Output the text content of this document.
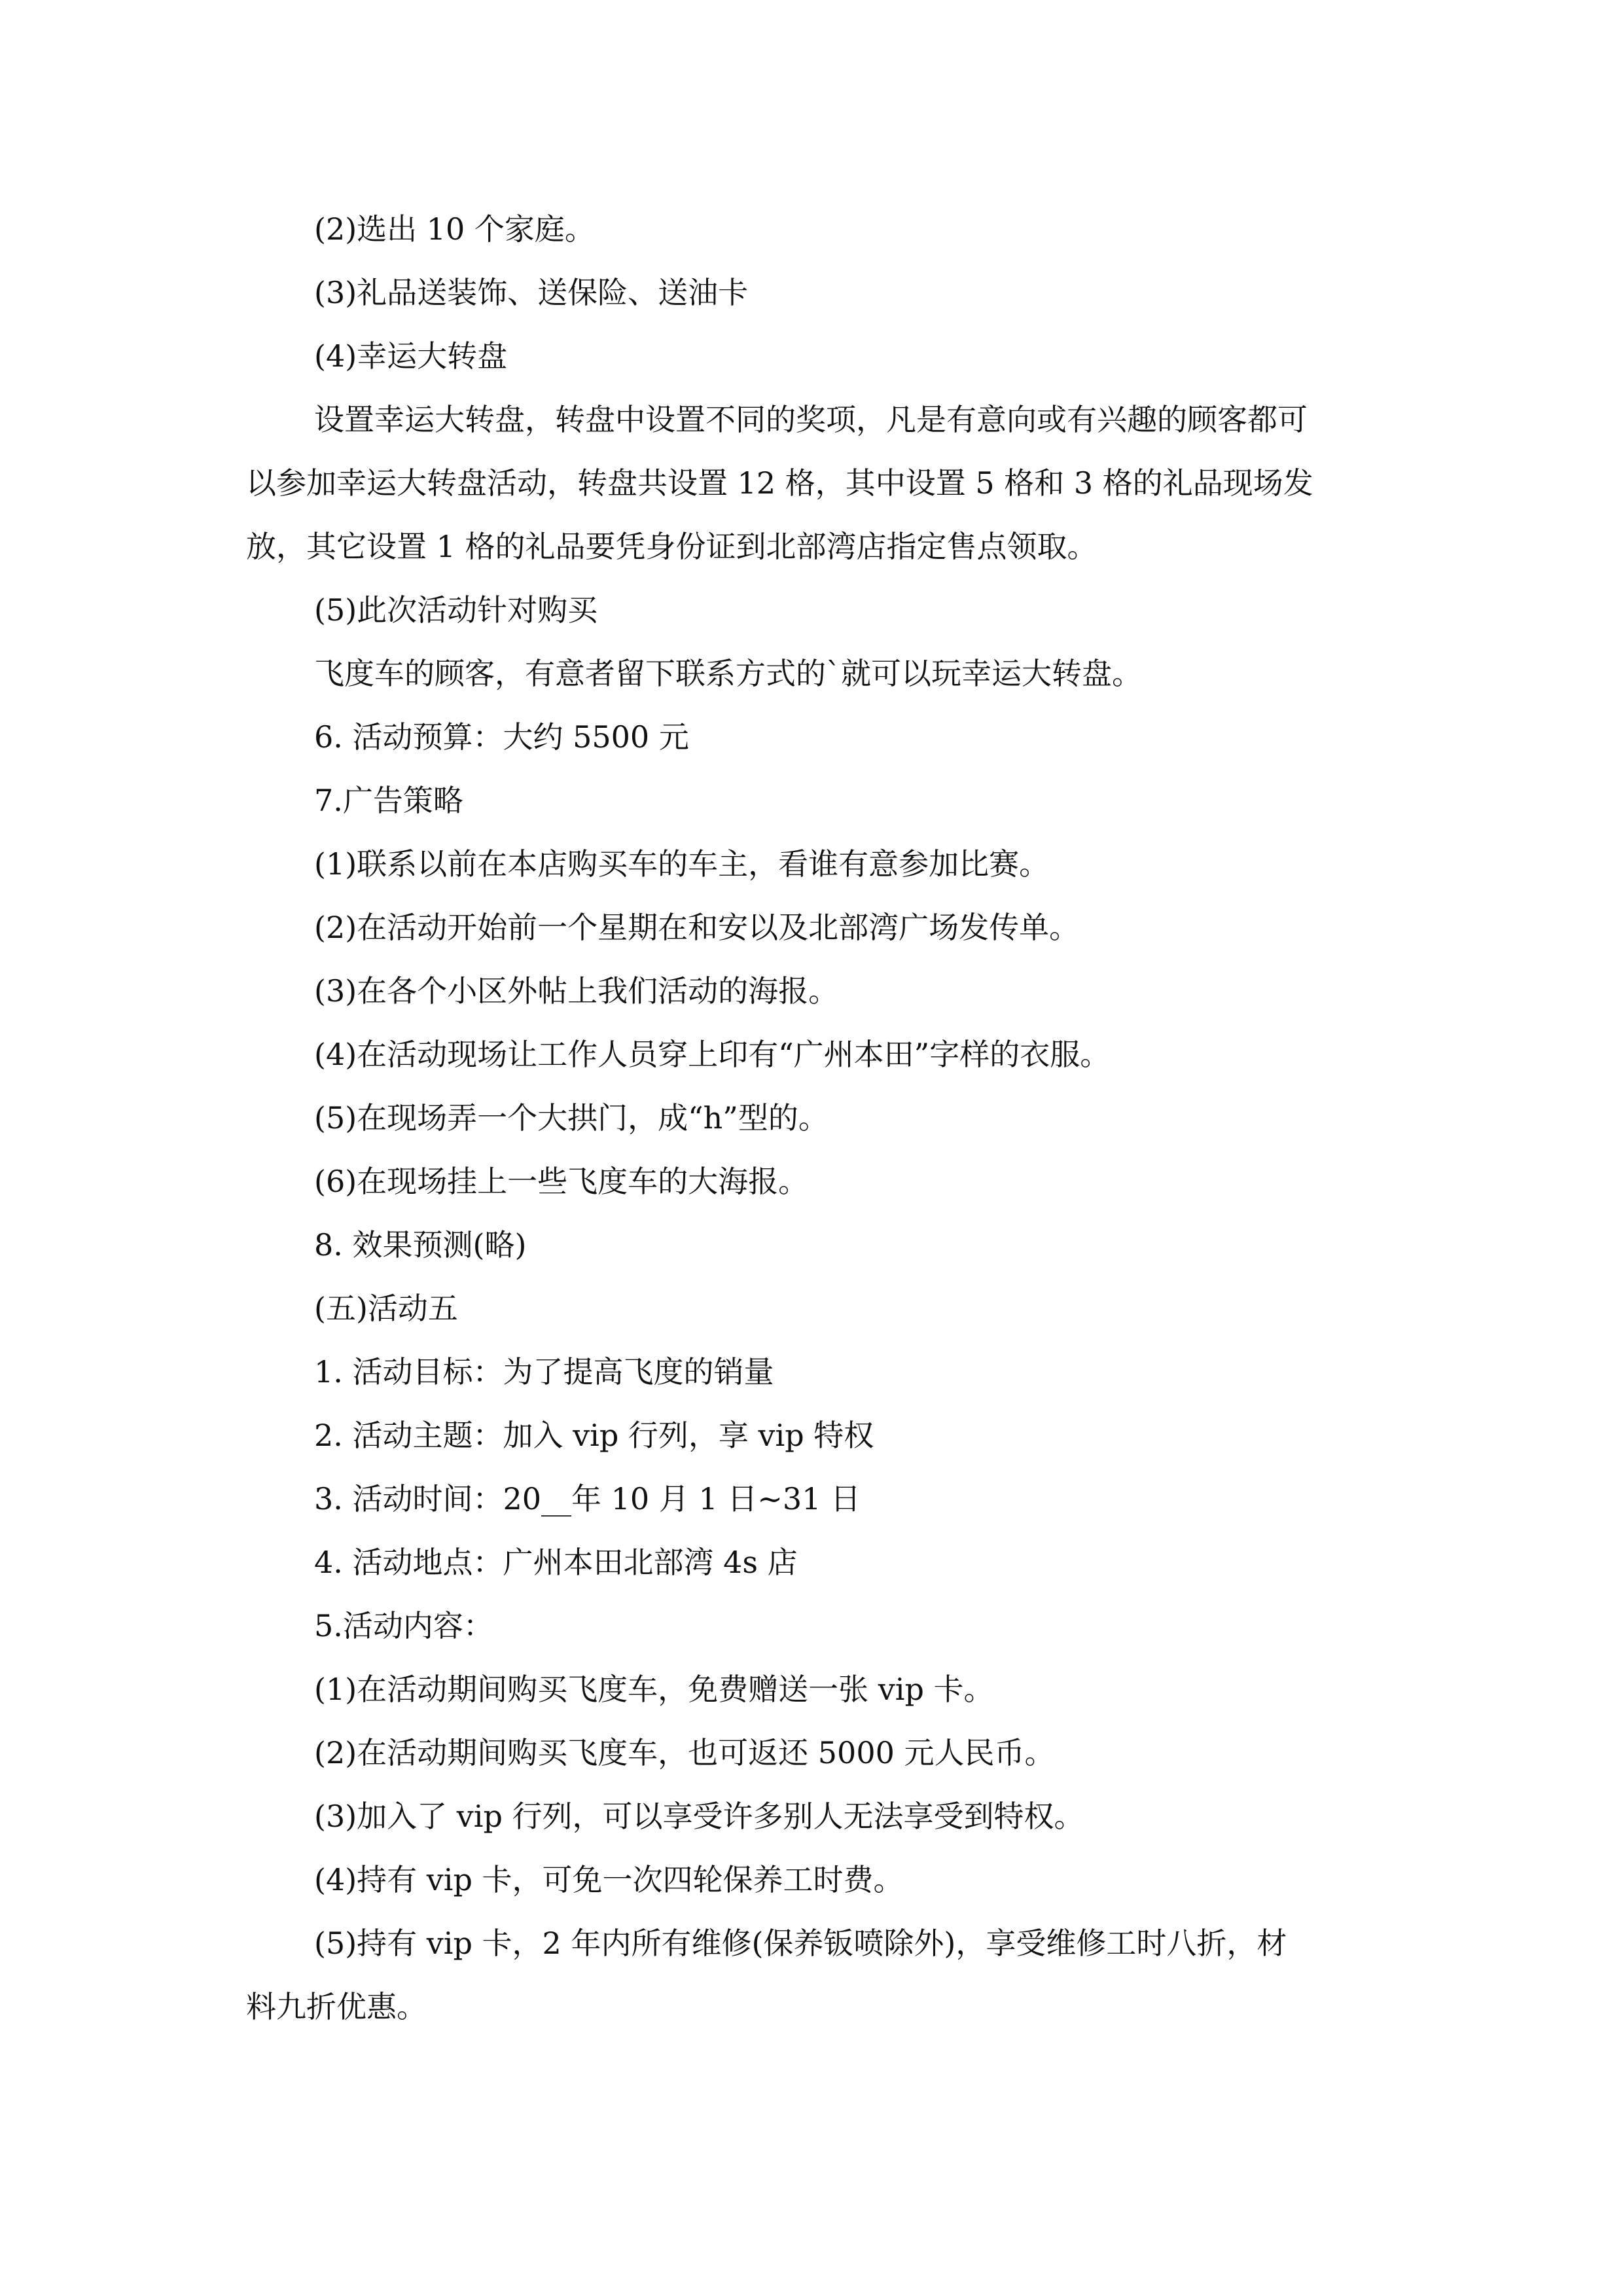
(2)选出 10 个家庭。
(3)礼品送装饰、送保险、送油卡
(4)幸运大转盘
设置幸运大转盘，转盘中设置不同的奖项，凡是有意向或有兴趣的顾客都可
以参加幸运大转盘活动，转盘共设置 12 格，其中设置 5 格和 3 格的礼品现场发
放，其它设置 1 格的礼品要凭身份证到北部湾店指定售点领取。
(5)此次活动针对购买
飞度车的顾客，有意者留下联系方式的`就可以玩幸运大转盘。
6. 活动预算：大约 5500 元
7.广告策略
(1)联系以前在本店购买车的车主，看谁有意参加比赛。
(2)在活动开始前一个星期在和安以及北部湾广场发传单。
(3)在各个小区外帖上我们活动的海报。
(4)在活动现场让工作人员穿上印有“广州本田”字样的衣服。
(5)在现场弄一个大拱门，成“h”型的。
(6)在现场挂上一些飞度车的大海报。
8. 效果预测(略)
(五)活动五
1. 活动目标：为了提高飞度的销量
2. 活动主题：加入 vip 行列，享 vip 特权
3. 活动时间：20__年 10 月 1 日~31 日
4. 活动地点：广州本田北部湾 4s 店
5.活动内容：
(1)在活动期间购买飞度车，免费赠送一张 vip 卡。
(2)在活动期间购买飞度车，也可返还 5000 元人民币。
(3)加入了 vip 行列，可以享受许多别人无法享受到特权。
(4)持有 vip 卡，可免一次四轮保养工时费。
(5)持有 vip 卡，2 年内所有维修(保养钣喷除外)，享受维修工时八折，材
料九折优惠。
